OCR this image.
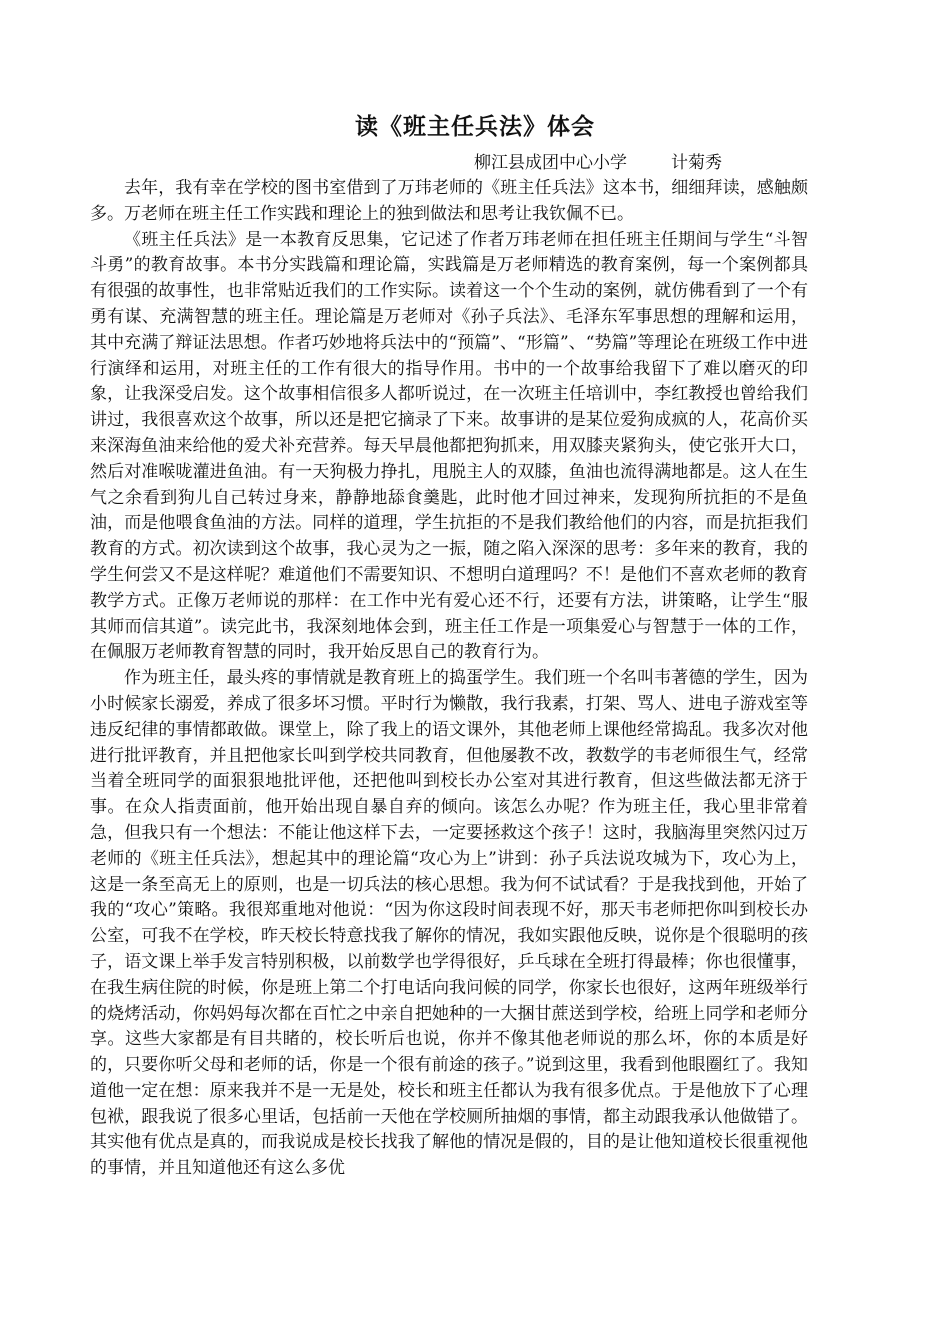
读《班主任兵法》体会
柳江县成团中心小学	计菊秀

去年，我有幸在学校的图书室借到了万玮老师的《班主任兵法》这本书，细细拜读，感触颇多。万老师在班主任工作实践和理论上的独到做法和思考让我钦佩不已。

《班主任兵法》是一本教育反思集，它记述了作者万玮老师在担任班主任期间与学生“斗智斗勇”的教育故事。本书分实践篇和理论篇，实践篇是万老师精选的教育案例，每一个案例都具有很强的故事性，也非常贴近我们的工作实际。读着这一个个生动的案例，就仿佛看到了一个有勇有谋、充满智慧的班主任。理论篇是万老师对《孙子兵法》、毛泽东军事思想的理解和运用，其中充满了辩证法思想。作者巧妙地将兵法中的“预篇”、“形篇”、“势篇”等理论在班级工作中进行演绎和运用，对班主任的工作有很大的指导作用。书中的一个故事给我留下了难以磨灭的印象，让我深受启发。这个故事相信很多人都听说过，在一次班主任培训中，李红教授也曾给我们讲过，我很喜欢这个故事，所以还是把它摘录了下来。故事讲的是某位爱狗成疯的人，花高价买来深海鱼油来给他的爱犬补充营养。每天早晨他都把狗抓来，用双膝夹紧狗头，使它张开大口，然后对准喉咙灌进鱼油。有一天狗极力挣扎，甩脱主人的双膝，鱼油也流得满地都是。这人在生气之余看到狗儿自己转过身来，静静地舔食羹匙，此时他才回过神来，发现狗所抗拒的不是鱼油，而是他喂食鱼油的方法。同样的道理，学生抗拒的不是我们教给他们的内容，而是抗拒我们教育的方式。初次读到这个故事，我心灵为之一振，随之陷入深深的思考：多年来的教育，我的学生何尝又不是这样呢？难道他们不需要知识、不想明白道理吗？不！是他们不喜欢老师的教育教学方式。正像万老师说的那样：在工作中光有爱心还不行，还要有方法，讲策略，让学生“服其师而信其道”。读完此书，我深刻地体会到，班主任工作是一项集爱心与智慧于一体的工作，在佩服万老师教育智慧的同时，我开始反思自己的教育行为。

作为班主任，最头疼的事情就是教育班上的捣蛋学生。我们班一个名叫韦著德的学生，因为小时候家长溺爱，养成了很多坏习惯。平时行为懒散，我行我素，打架、骂人、进电子游戏室等违反纪律的事情都敢做。课堂上，除了我上的语文课外，其他老师上课他经常捣乱。我多次对他进行批评教育，并且把他家长叫到学校共同教育，但他屡教不改，教数学的韦老师很生气，经常当着全班同学的面狠狠地批评他，还把他叫到校长办公室对其进行教育，但这些做法都无济于事。在众人指责面前，他开始出现自暴自弃的倾向。该怎么办呢？作为班主任，我心里非常着急，但我只有一个想法：不能让他这样下去，一定要拯救这个孩子！这时，我脑海里突然闪过万老师的《班主任兵法》，想起其中的理论篇“攻心为上”讲到：孙子兵法说攻城为下，攻心为上，这是一条至高无上的原则，也是一切兵法的核心思想。我为何不试试看？于是我找到他，开始了我的“攻心”策略。我很郑重地对他说：“因为你这段时间表现不好，那天韦老师把你叫到校长办公室，可我不在学校，昨天校长特意找我了解你的情况，我如实跟他反映，说你是个很聪明的孩子，语文课上举手发言特别积极，以前数学也学得很好，乒乓球在全班打得最棒；你也很懂事，在我生病住院的时候，你是班上第二个打电话向我问候的同学，你家长也很好，这两年班级举行的烧烤活动，你妈妈每次都在百忙之中亲自把她种的一大捆甘蔗送到学校，给班上同学和老师分享。这些大家都是有目共睹的，校长听后也说，你并不像其他老师说的那么坏，你的本质是好的，只要你听父母和老师的话，你是一个很有前途的孩子。”说到这里，我看到他眼圈红了。我知道他一定在想：原来我并不是一无是处，校长和班主任都认为我有很多优点。于是他放下了心理包袱，跟我说了很多心里话，包括前一天他在学校厕所抽烟的事情，都主动跟我承认他做错了。其实他有优点是真的，而我说成是校长找我了解他的情况是假的，目的是让他知道校长很重视他的事情，并且知道他还有这么多优
